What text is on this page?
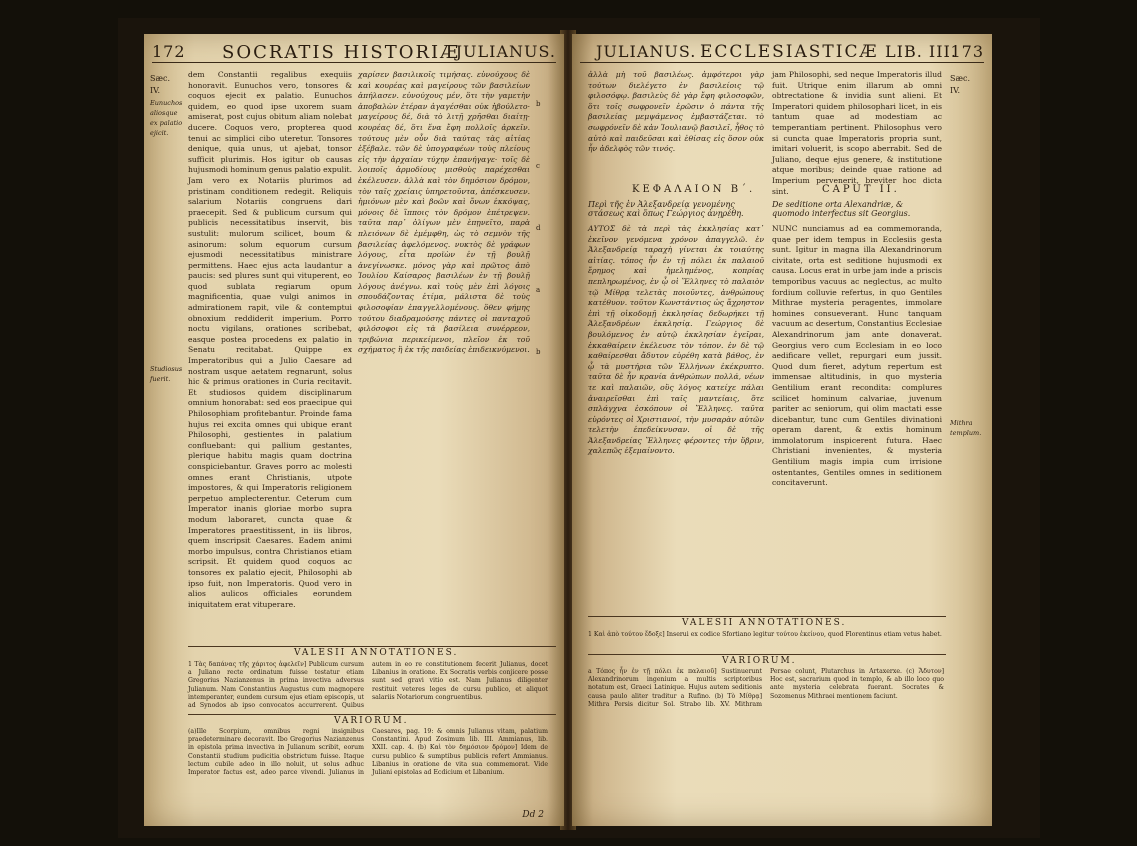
172 SOCRATIS HISTORIÆ
JULIANUS.
Sæc.
IV.
Eunuchos aliosque ex palatio ejicit.
Studiosus fuerit.

dem Constantii regalibus exequiis honoravit. Eunuchos vero, tonsores & coquos ejecit ex palatio. Eunuchos quidem, eo quod ipse uxorem suam amiserat, post cujus obitum aliam nolebat ducere. Coquos vero, propterea quod tenui ac simplici cibo uteretur. Tonsores denique, quia unus, ut ajebat, tonsor sufficit plurimis. Hos igitur ob causas hujusmodi hominum genus palatio expulit. Jam vero ex Notariis plurimos ad pristinam conditionem redegit. Reliquis salarium Notariis congruens dari praecepit. Sed & publicum cursum qui publicis necessitatibus inservit, bis sustulit: mulorum scilicet, boum & asinorum: solum equorum cursum ejusmodi necessitatibus ministrare permittens. Haec ejus acta laudantur a paucis: sed plures sunt qui vituperent, eo quod sublata regiarum opum magnificentia, quae vulgi animos in admirationem rapit, vile & contemptui obnoxium reddiderit imperium. Porro noctu vigilans, orationes scribebat, easque postea procedens ex palatio in Senatu recitabat. Quippe ex Imperatoribus qui a Julio Caesare ad nostram usque aetatem regnarunt, solus hic & primus orationes in Curia recitavit. Et studiosos quidem disciplinarum omnium honorabat: sed eos praecipue qui Philosophiam profitebantur. Proinde fama hujus rei excita omnes qui ubique erant Philosophi, gestientes in palatium confluebant: qui pallium gestantes, plerique habitu magis quam doctrina conspiciebantur. Graves porro ac molesti omnes erant Christianis, utpote impostores, & qui Imperatoris religionem perpetuo amplecterentur. Ceterum cum Imperator inanis gloriae morbo supra modum laboraret, cuncta quae & Imperatores praestitissent, in iis libros, quem inscripsit Caesares. Eadem animi morbo impulsus, contra Christianos etiam scripsit. Et quidem quod coquos ac tonsores ex palatio ejecit, Philosophi ab ipso fuit, non Imperatoris. Quod vero in alios aulicos officiales eorundem iniquitatem erat vituperare.

χαρίσεν βασιλικοῖς τιμήσας. εὐνούχους δὲ καὶ κουρέας καὶ μαγείρους τῶν βασιλείων ἀπήλασεν. εὐνούχους μέν, ὅτι τὴν γαμετὴν ἀποβαλὼν ἑτέραν ἀγαγέσθαι οὐκ ἠβούλετο· μαγείρους δέ, διὰ τὸ λιτῇ χρῆσθαι διαίτῃ· κουρέας δέ, ὅτι ἕνα ἔφη πολλοῖς ἀρκεῖν. τούτους μὲν οὖν διὰ ταύτας τὰς αἰτίας ἐξέβαλε. τῶν δὲ ὑπογραφέων τοὺς πλείους εἰς τὴν ἀρχαίαν τύχην ἐπανήγαγε· τοῖς δὲ λοιποῖς ἁρμοδίους μισθοὺς παρέχεσθαι ἐκέλευσεν. ἀλλὰ καὶ τὸν δημόσιον δρόμον, τὸν ταῖς χρείαις ὑπηρετοῦντα, ἀπέσκευσεν. ἡμιόνων μὲν καὶ βοῶν καὶ ὄνων ἐκκόψας, μόνοις δὲ ἵπποις τὸν δρόμον ἐπέτρεψεν. ταῦτα παρ᾽ ὀλίγων μὲν ἐπῃνεῖτο, παρὰ πλειόνων δὲ ἐμέμφθη, ὡς τὸ σεμνὸν τῆς βασιλείας ἀφελόμενος. νυκτὸς δὲ γράφων λόγους, εἶτα προϊὼν ἐν τῇ βουλῇ ἀνεγίνωσκε. μόνος γὰρ καὶ πρῶτος ἀπὸ Ἰουλίου Καίσαρος βασιλέων ἐν τῇ βουλῇ λόγους ἀνέγνω. καὶ τοὺς μὲν ἐπὶ λόγοις σπουδάζοντας ἐτίμα, μάλιστα δὲ τοὺς φιλοσοφίαν ἐπαγγελλομένους. ὅθεν φήμης τούτου διαδραμούσης πάντες οἱ πανταχοῦ φιλόσοφοι εἰς τὰ βασίλεια συνέρρεον, τριβώνια περικείμενοι, πλεῖον ἐκ τοῦ σχήματος ἢ ἐκ τῆς παιδείας ἐπιδεικνύμενοι.

b
c
d
a
b
VALESII ANNOTATIONES.
1 Τὰς δαπάνας τῆς χάριτος ἀφελεῖν] Publicum cursum a Juliano recte ordinatum fuisse testatur etiam Gregorius Nazianzenus in prima invectiva adversus Julianum. Nam Constantius Augustus cum magnopere intemperanter, eundem cursum ejus etiam episcopis, ut ad Synodos ab ipso convocatos accurrerent. Quibus autem in eo re constitutionem fecerit Julianus, docet Libanius in oratione. Ex Socratis verbis conjicere posse sunt sed gravi vitio est. Nam Julianus diligenter restituit veteres leges de cursu publico, et aliquot salariis Notariorum congruentibus.
VARIORUM.
(a)Ille Scorpium, omnibus regni insignibus praedeterminare decoravit. Ibo Gregorius Nazianzenus in epistola prima invectiva in Julianum scribit, eorum Constantii studium pudicitia obstrictum fuisse. Itaque lectum cubile adeo in illo noluit, ut solus adhuc Imperator factus est, adeo parce vivendi. Julianus in Caesares, pag. 19: & omnis Julianus vitam, palatium Constantini. Apud Zosimum lib. III. Ammianus, lib. XXII. cap. 4. (b) Καὶ τὸν δημόσιον δρόμον] Idem de cursu publico & sumptibus publicis refert Ammianus. Libanius in oratione de vita sua commemorat. Vide Juliani epistolas ad Ecdicium et Libanium.
Dd 2
JULIANUS. ECCLESIASTICÆ LIB. III.
173

ἀλλὰ μὴ τοῦ βασιλέως. ἀμφότεροι γὰρ τούτων διελέγετο ἐν βασιλείοις τῷ φιλοσόφῳ. βασιλεὺς δὲ γὰρ ἔφη φιλοσοφῶν, ὅτι τοῖς σωφρονεῖν ἐρῶσιν ὁ πάντα τῆς βασιλείας μεμψάμενος ἐμβαστάζεται. τὸ σωφρόνεῖν δὲ κἀν Ἰουλιανῷ βασιλεῖ, ἦθος τὸ αὐτὸ καὶ παιδεῦσαι καὶ ἐθίσας εἰς ὅσον οὐκ ἦν ἀδελφὸς τῶν τινός.

jam Philosophi, sed neque Imperatoris illud fuit. Utrique enim illarum ab omni obtrectatione & invidia sunt alieni. Et Imperatori quidem philosophari licet, in eis tantum quae ad modestiam ac temperantiam pertinent. Philosophus vero si cuncta quae Imperatoris propria sunt, imitari voluerit, is scopo aberrabit. Sed de Juliano, deque ejus genere, & institutione atque moribus; deinde quae ratione ad Imperium pervenerit, breviter hoc dicta sint.

ΚΕΦΑΛΑΙΟΝ Β΄.	CAPUT II.
Περὶ τῆς ἐν Ἀλεξανδρείᾳ γενομένης στάσεως καὶ ὅπως Γεώργιος ἀνῃρέθη.
De seditione orta Alexandriæ, & quomodo interfectus sit Georgius.

ΑΥΤΟΣ δὲ τὰ περὶ τὰς ἐκκλησίας κατ᾽ ἐκεῖνον γενόμενα χρόνον ἀπαγγελῶ. ἐν Ἀλεξανδρείᾳ ταραχὴ γίνεται ἐκ τοιαύτης αἰτίας. τόπος ἦν ἐν τῇ πόλει ἐκ παλαιοῦ ἔρημος καὶ ἠμελημένος, κοπρίας πεπληρωμένος, ἐν ᾧ οἱ Ἕλληνες τὸ παλαιὸν τῷ Μίθρᾳ τελετὰς ποιοῦντες, ἀνθρώπους κατέθυον. τοῦτον Κωνστάντιος ὡς ἄχρηστον ἐπὶ τῇ οἰκοδομῇ ἐκκλησίας δεδωρήκει τῇ Ἀλεξανδρέων ἐκκλησίᾳ. Γεώργιος δὲ βουλόμενος ἐν αὐτῷ ἐκκλησίαν ἐγεῖραι, ἐκκαθαίρειν ἐκέλευσε τὸν τόπον. ἐν δὲ τῷ καθαίρεσθαι ἄδυτον εὑρέθη κατὰ βάθος, ἐν ᾧ τὰ μυστήρια τῶν Ἑλλήνων ἐκέκρυπτο. ταῦτα δὲ ἦν κρανία ἀνθρώπων πολλά, νέων τε καὶ παλαιῶν, οὓς λόγος κατείχε πάλαι ἀναιρεῖσθαι ἐπὶ ταῖς μαντείαις, ὅτε σπλάγχνα ἐσκόπουν οἱ Ἕλληνες. ταῦτα εὑρόντες οἱ Χριστιανοί, τὴν μυσαρὰν αὐτῶν τελετὴν ἐπεδείκνυσαν. οἱ δὲ τῆς Ἀλεξανδρείας Ἕλληνες φέροντες τὴν ὕβριν, χαλεπῶς ἐξεμαίνοντο.

NUNC nunciamus ad ea commemoranda, quae per idem tempus in Ecclesiis gesta sunt. Igitur in magna illa Alexandrinorum civitate, orta est seditione hujusmodi ex causa. Locus erat in urbe jam inde a priscis temporibus vacuus ac neglectus, ac multo fordium colluvie refertus, in quo Gentiles Mithrae mysteria peragentes, immolare homines consueverant. Hunc tanquam vacuum ac desertum, Constantius Ecclesiae Alexandrinorum jam ante donaverat. Georgius vero cum Ecclesiam in eo loco aedificare vellet, repurgari eum jussit. Quod dum fieret, adytum repertum est immensae altitudinis, in quo mysteria Gentilium erant recondita: complures scilicet hominum calvariae, juvenum pariter ac seniorum, qui olim mactati esse dicebantur, tunc cum Gentiles divinationi operam darent, & extis hominum immolatorum inspicerent futura. Haec Christiani invenientes, & mysteria Gentilium magis impia cum irrisione ostentantes, Gentiles omnes in seditionem concitaverunt.

Sæc.
IV.
Mithra templum.
VALESII ANNOTATIONES.
1 Καὶ ἀπὸ τούτου ἔδοξε] Inserui ex codice Sfortiano legitur τούτου ἐκείνου, quod Florentinus etiam vetus habet.
VARIORUM.
a Τόπος ἦν ἐν τῇ πόλει ἐκ παλαιοῦ] Sustinuerunt Alexandrinorum ingenium a multis scriptoribus notatum est, Graeci Latinique. Hujus autem seditionis causa paulo aliter traditur a Rufino. (b) Τὸ Μίθρᾳ] Mithra Persis dicitur Sol. Strabo lib. XV. Mithram Persae colunt, Plutarchus in Artaxerxe. (c) Ἄδυτον] Hoc est, sacrarium quod in templo, & ab illo loco quo ante mysteria celebrata fuerant. Socrates & Sozomenus Mithraei mentionem faciunt.
